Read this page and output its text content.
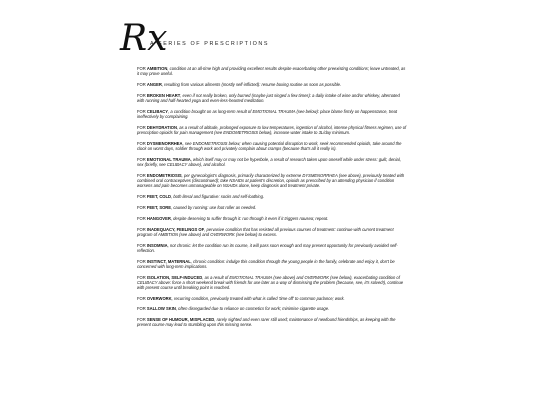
Rx
A SERIES OF PRESCRIPTIONS

FOR AMBITION, condition at an all-time high and providing excellent results despite exacerbating other preexisting conditions; leave untreated, as it may prove useful.

FOR ANGER, resulting from various ailments (mostly self-inflicted): resume boxing routine as soon as possible.

FOR BROKEN HEART, even if not really broken, only burned (maybe just singed a few times): a daily intake of wine and/or whiskey, alternated with running and half-hearted yoga and even-less-hearted meditation.

FOR CELIBACY, a condition brought on as long-term result of EMOTIONAL TRAUMA (see below): place blame firmly on happenstance, treat ineffectively by complaining.

FOR DEHYDRATION, as a result of altitude, prolonged exposure to low temperatures, ingestion of alcohol, intense physical fitness regimen, use of prescription opioids for pain management (see ENDOMETRIOSIS below), increase water intake to 3L/day minimum.

FOR DYSMENORRHEA, see ENDOMETRIOSIS below; when causing potential disruption to work, seek recommended opioids, take around the clock on worst days, soldier through work and privately complain about cramps (because that's all it really is).

FOR EMOTIONAL TRAUMA, which itself may or may not be hyperbole, a result of research taken upon oneself while under stress: guilt, denial, sex (briefly, see CELIBACY above), and alcohol.

FOR ENDOMETRIOSIS, per gynecologist's diagnosis, primarily characterized by extreme DYSMENORRHEA (see above), previously treated with combined oral contraceptives (discontinued); take NSAIDs at patient's discretion, opioids as prescribed by an attending physician if condition worsens and pain becomes unmanageable on NSAIDs alone, keep diagnosis and treatment private.

FOR FEET, COLD, both literal and figurative: socks and self-loathing.

FOR FEET, SORE, caused by running: use foot roller as needed.

FOR HANGOVER, despite deserving to suffer through it: run through it even if it triggers nausea; repeat.

FOR INADEQUACY, FEELINGS OF, pervasive condition that has resisted all previous courses of treatment: continue with current treatment program of AMBITION (see above) and OVERWORK (see below) to excess.

FOR INSOMNIA, not chronic: let the condition run its course, it will pass soon enough and may present opportunity for previously avoided self-reflection.

FOR INSTINCT, MATERNAL, chronic condition: indulge this condition through the young people in the family, celebrate and enjoy it, don't be concerned with long-term implications.

FOR ISOLATION, SELF-INDUCED, as a result of EMOTIONAL TRAUMA (see above) and OVERWORK (see below), exacerbating condition of CELIBACY above: force a short weekend break with friends for use later as a way of dismissing the problem (because, see, it's solved!), continue with present course until breaking point is reached.

FOR OVERWORK, recurring condition, previously treated with what is called 'time off' to common parlance; work.

FOR SALLOW SKIN, often disregarded due to reliance on cosmetics for work; minimise cigarette usage.

FOR SENSE OF HUMOUR, MISPLACED, rarely sighted and even rarer still used; maintenance of newfound friendships, as keeping with the present course may lead to stumbling upon this missing sense.
